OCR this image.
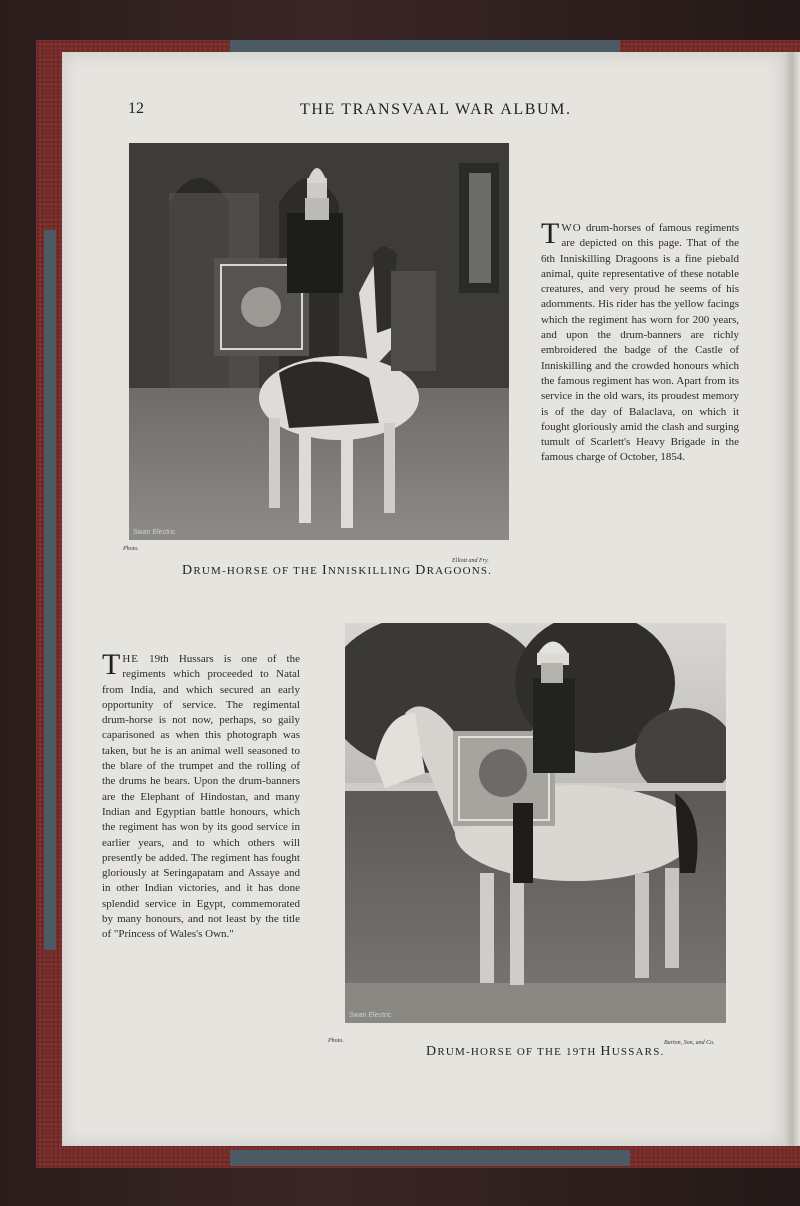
12	THE TRANSVAAL WAR ALBUM.
Swan Electric
Photo.
DRUM-HORSE OF THE INNISKILLING DRAGOONS.
Elliott and Fry.
TWO drum-horses of famous regiments are depicted on this page. That of the 6th Inniskilling Dragoons is a fine piebald animal, quite representative of these notable creatures, and very proud he seems of his adornments. His rider has the yellow facings which the regiment has worn for 200 years, and upon the drum-banners are richly embroidered the badge of the Castle of Inniskilling and the crowded honours which the famous regiment has won. Apart from its service in the old wars, its proudest memory is of the day of Balaclava, on which it fought gloriously amid the clash and surging tumult of Scarlett's Heavy Brigade in the famous charge of October, 1854.
Swan Electric
Photo.
DRUM-HORSE OF THE 19TH HUSSARS.
Barton, Son, and Co.
THE 19th Hussars is one of the regiments which proceeded to Natal from India, and which secured an early opportunity of service. The regimental drum-horse is not now, perhaps, so gaily caparisoned as when this photograph was taken, but he is an animal well seasoned to the blare of the trumpet and the rolling of the drums he bears. Upon the drum-banners are the Elephant of Hindostan, and many Indian and Egyptian battle honours, which the regiment has won by its good service in earlier years, and to which others will presently be added. The regiment has fought gloriously at Seringapatam and Assaye and in other Indian victories, and it has done splendid service in Egypt, commemorated by many honours, and not least by the title of "Princess of Wales's Own."
